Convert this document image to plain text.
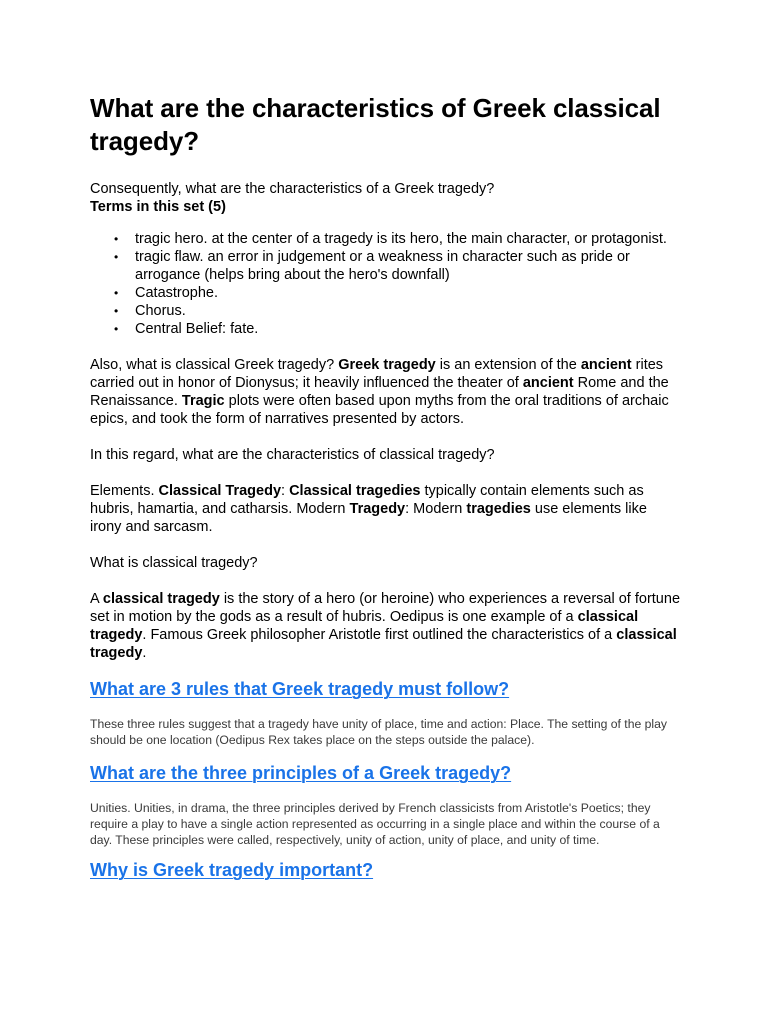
What are the characteristics of Greek classical tragedy?

Consequently, what are the characteristics of a Greek tragedy?

Terms in this set (5)

• tragic hero. at the center of a tragedy is its hero, the main character, or protagonist.
• tragic flaw. an error in judgement or a weakness in character such as pride or arrogance (helps bring about the hero's downfall)
• Catastrophe.
• Chorus.
• Central Belief: fate.

Also, what is classical Greek tragedy? Greek tragedy is an extension of the ancient rites carried out in honor of Dionysus; it heavily influenced the theater of ancient Rome and the Renaissance. Tragic plots were often based upon myths from the oral traditions of archaic epics, and took the form of narratives presented by actors.

In this regard, what are the characteristics of classical tragedy?

Elements. Classical Tragedy: Classical tragedies typically contain elements such as hubris, hamartia, and catharsis. Modern Tragedy: Modern tragedies use elements like irony and sarcasm.

What is classical tragedy?

A classical tragedy is the story of a hero (or heroine) who experiences a reversal of fortune set in motion by the gods as a result of hubris. Oedipus is one example of a classical tragedy. Famous Greek philosopher Aristotle first outlined the characteristics of a classical tragedy.

What are 3 rules that Greek tragedy must follow?

These three rules suggest that a tragedy have unity of place, time and action: Place. The setting of the play should be one location (Oedipus Rex takes place on the steps outside the palace).

What are the three principles of a Greek tragedy?

Unities. Unities, in drama, the three principles derived by French classicists from Aristotle's Poetics; they require a play to have a single action represented as occurring in a single place and within the course of a day. These principles were called, respectively, unity of action, unity of place, and unity of time.

Why is Greek tragedy important?
